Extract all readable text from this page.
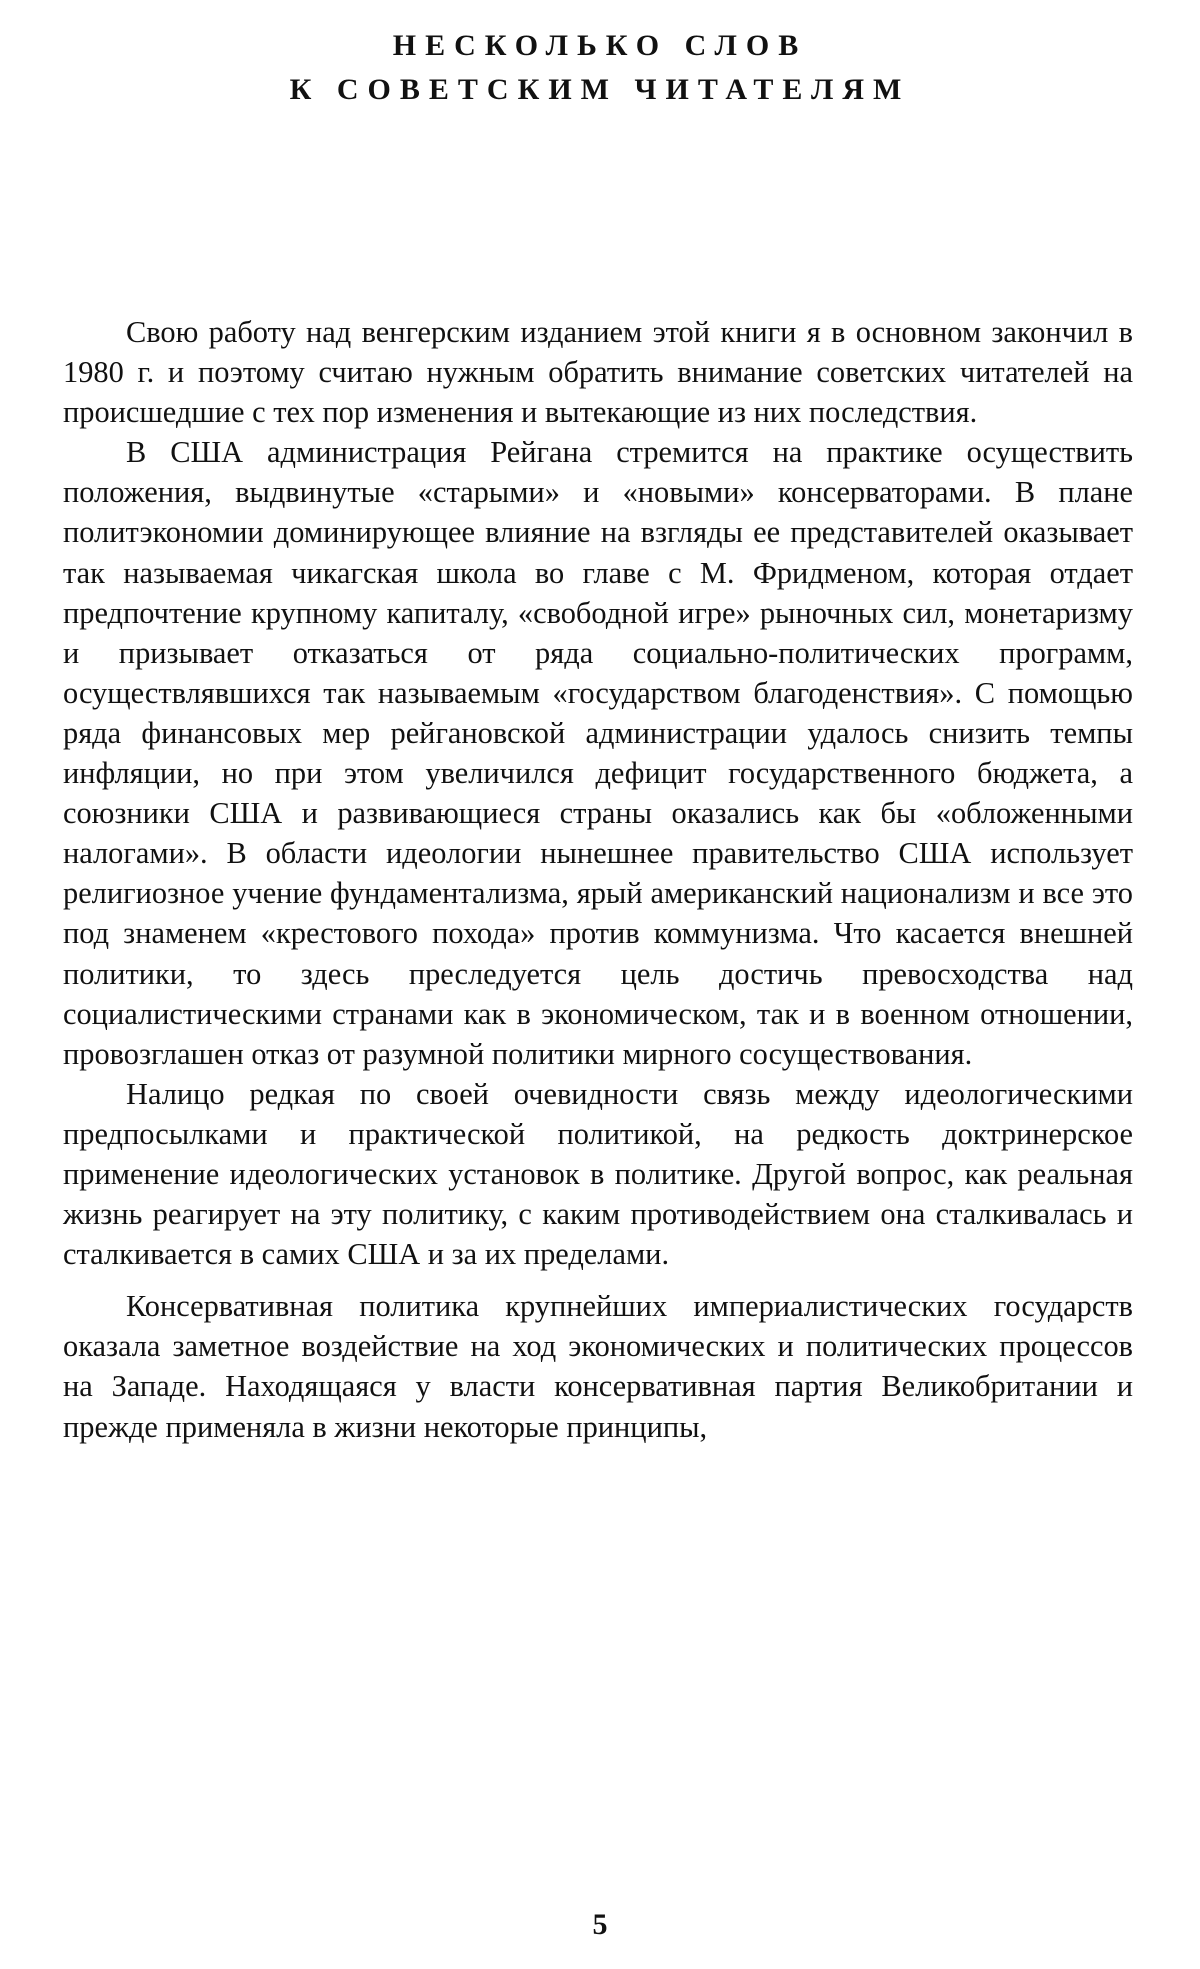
НЕСКОЛЬКО СЛОВ
К СОВЕТСКИМ ЧИТАТЕЛЯМ

Свою работу над венгерским изданием этой книги я в основном закончил в 1980 г. и поэтому считаю нужным обратить внимание советских читателей на происшедшие с тех пор изменения и вытекающие из них последствия.

В США администрация Рейгана стремится на практике осуществить положения, выдвинутые «старыми» и «новыми» консерваторами. В плане политэкономии доминирующее влияние на взгляды ее представителей оказывает так называемая чикагская школа во главе с М. Фридменом, которая отдает предпочтение крупному капиталу, «свободной игре» рыночных сил, монетаризму и призывает отказаться от ряда социально-политических программ, осуществлявшихся так называемым «государством благоденствия». С помощью ряда финансовых мер рейгановской администрации удалось снизить темпы инфляции, но при этом увеличился дефицит государственного бюджета, а союзники США и развивающиеся страны оказались как бы «обложенными налогами». В области идеологии нынешнее правительство США использует религиозное учение фундаментализма, ярый американский национализм и все это под знаменем «крестового похода» против коммунизма. Что касается внешней политики, то здесь преследуется цель достичь превосходства над социалистическими странами как в экономическом, так и в военном отношении, провозглашен отказ от разумной политики мирного сосуществования.

Налицо редкая по своей очевидности связь между идеологическими предпосылками и практической политикой, на редкость доктринерское применение идеологических установок в политике. Другой вопрос, как реальная жизнь реагирует на эту политику, с каким противодействием она сталкивалась и сталкивается в самих США и за их пределами.

Консервативная политика крупнейших империалистических государств оказала заметное воздействие на ход экономических и политических процессов на Западе. Находящаяся у власти консервативная партия Великобритании и прежде применяла в жизни некоторые принципы,

5
